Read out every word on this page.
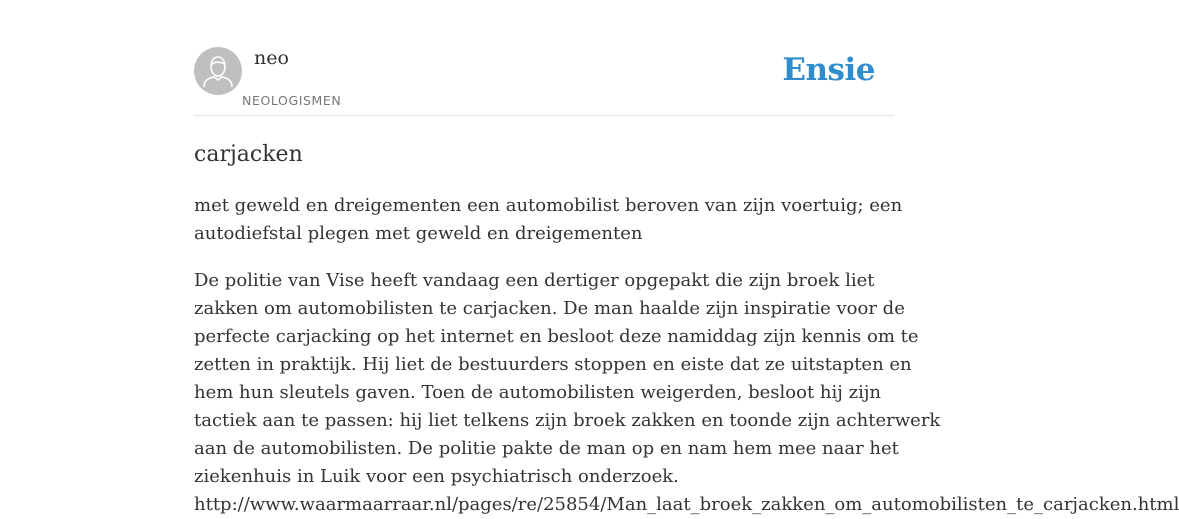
neo
NEOLOGISMEN
Ensie
carjacken

met geweld en dreigementen een automobilist beroven van zijn voertuig; een
autodiefstal plegen met geweld en dreigementen

De politie van Vise heeft vandaag een dertiger opgepakt die zijn broek liet
zakken om automobilisten te carjacken. De man haalde zijn inspiratie voor de
perfecte carjacking op het internet en besloot deze namiddag zijn kennis om te
zetten in praktijk. Hij liet de bestuurders stoppen en eiste dat ze uitstapten en
hem hun sleutels gaven. Toen de automobilisten weigerden, besloot hij zijn
tactiek aan te passen: hij liet telkens zijn broek zakken en toonde zijn achterwerk
aan de automobilisten. De politie pakte de man op en nam hem mee naar het
ziekenhuis in Luik voor een psychiatrisch onderzoek.
http://www.waarmaarraar.nl/pages/re/25854/Man_laat_broek_zakken_om_automobilisten_te_carjacken.html
